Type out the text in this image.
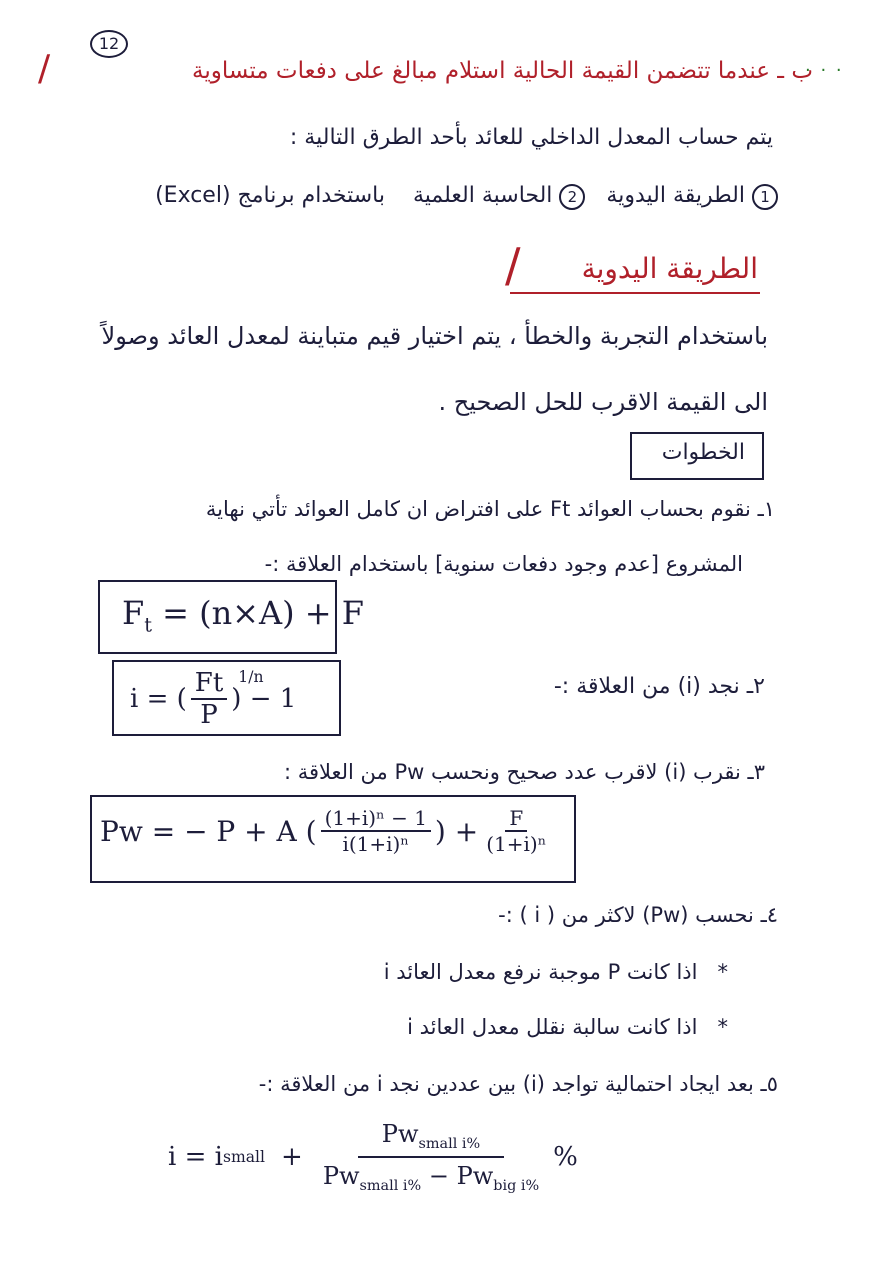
12
· · ·
/	ب ـ عندما تتضمن القيمة الحالية استلام مبالغ على دفعات متساوية
يتم حساب المعدل الداخلي للعائد بأحد الطرق التالية :
1 الطريقة اليدوية   2 الحاسبة العلمية    باستخدام برنامج (Excel)
/ الطريقة اليدوية
باستخدام التجربة والخطأ ، يتم اختيار قيم متباينة لمعدل العائد وصولاً
الى القيمة الاقرب للحل الصحيح .
الخطوات
١ـ نقوم بحساب العوائد Ft على افتراض ان كامل العوائد تأتي نهاية
المشروع [عدم وجود دفعات سنوية] باستخدام العلاقة :-
$F_t = (n\times A) + F$
i = ( $\frac{Ft}{P}$ ) − 1
$^{1/n}$	٢ـ نجد (i) من العلاقة :-
٣ـ نقرب (i) لاقرب عدد صحيح ونحسب Pw من العلاقة :
Pw = − P + A ( $\frac{\text{(1+i)ⁿ − 1}}{\text{i(1+i)ⁿ}}$ ) + $\frac{F}{\text{(1+i)ⁿ}}$
٤ـ نحسب (Pw) لاكثر من ( i ) :-
*   اذا كانت P موجبة نرفع معدل العائد i
*   اذا كانت سالبة نقلل معدل العائد i
٥ـ بعد ايجاد احتمالية تواجد (i) بين عددين نجد i من العلاقة :-
i = i small + $\frac{Pw_{small i\%}}{Pw_{small i\%} - Pw_{big i\%}}$ %
